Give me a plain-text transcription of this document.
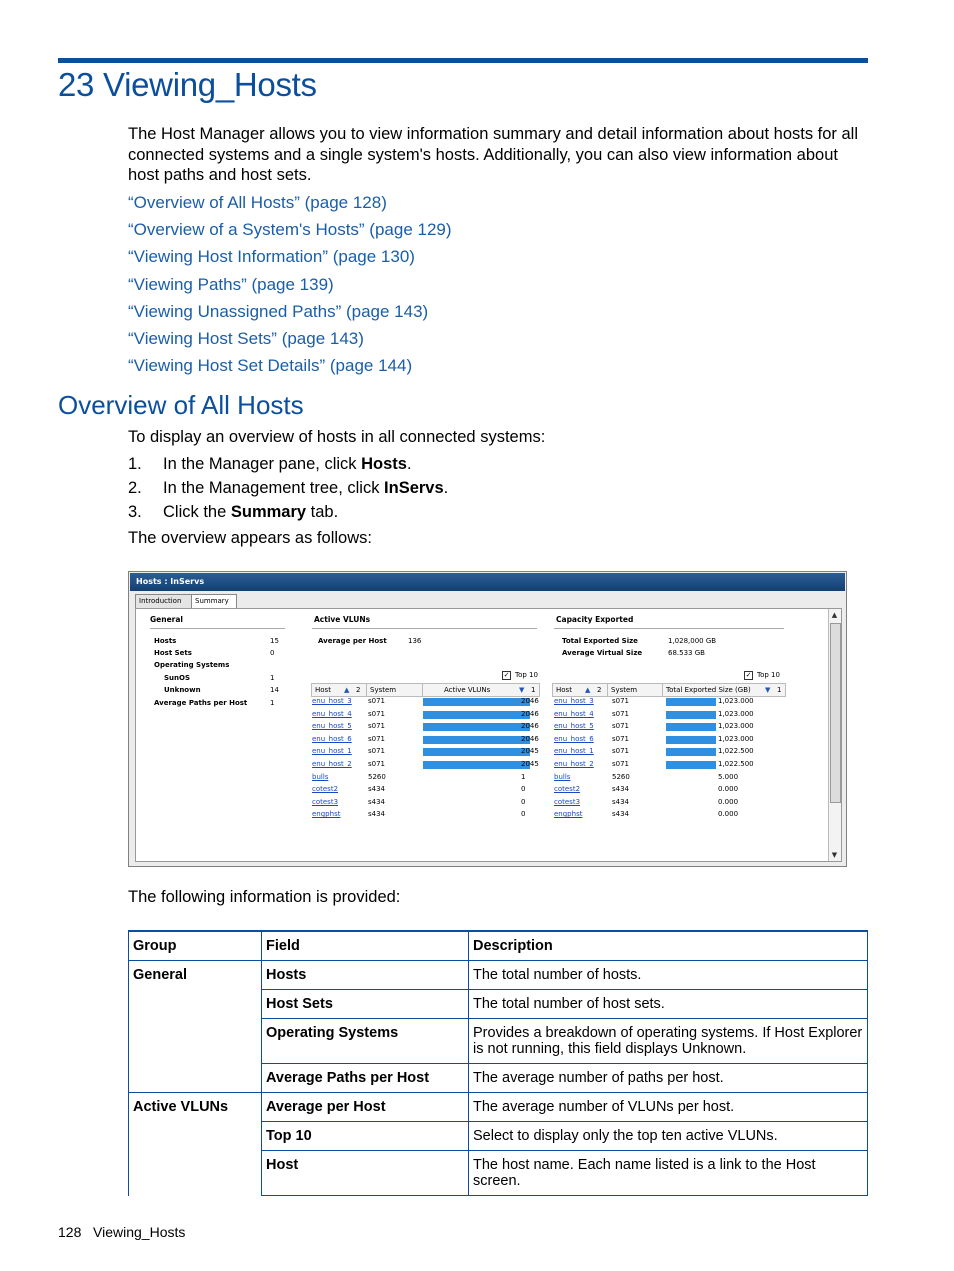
23 Viewing_Hosts
The Host Manager allows you to view information summary and detail information about hosts for all connected systems and a single system's hosts. Additionally, you can also view information about host paths and host sets.
“Overview of All Hosts” (page 128)
“Overview of a System's Hosts” (page 129)
“Viewing Host Information” (page 130)
“Viewing Paths” (page 139)
“Viewing Unassigned Paths” (page 143)
“Viewing Host Sets” (page 143)
“Viewing Host Set Details” (page 144)
Overview of All Hosts
To display an overview of hosts in all connected systems:
1.	In the Manager pane, click Hosts.
2.	In the Management tree, click InServs.
3.	Click the Summary tab.
The overview appears as follows:
Hosts : InServs
Introduction	Summary
General
Hosts	15
Host Sets	0
Operating Systems
SunOS	1
Unknown	14
Average Paths per Host	1
Active VLUNs
Average per Host	136
✓ Top 10
Host ▲ 2	System	Active VLUNs	▼ 1
enu_host_3 s071	2046
enu_host_4 s071	2046
enu_host_5 s071	2046
enu_host_6 s071	2046
enu_host_1 s071	2045
enu_host_2 s071	2045
bulls	5260	1
cotest2	s434	0
cotest3	s434	0
engphst	s434	0
Capacity Exported
Total Exported Size	1,028,000 GB
Average Virtual Size	68.533 GB
✓ Top 10
Host ▲ 2	System	Total Exported Size (GB) ▼ 1
enu_host_3	s071	1,023.000
enu_host_4	s071	1,023.000
enu_host_5	s071	1,023.000
enu_host_6	s071	1,023.000
enu_host_1	s071	1,022.500
enu_host_2	s071	1,022.500
bulls	5260	5.000
cotest2	s434	0.000
cotest3	s434	0.000
engphst	s434	0.000
▲
▼
The following information is provided:
Group	Field	Description
General	Hosts	The total number of hosts.
	Host Sets	The total number of host sets.
	Operating Systems	Provides a breakdown of operating systems. If Host Explorer is not running, this field displays Unknown.
	Average Paths per Host	The average number of paths per host.
Active VLUNs	Average per Host	The average number of VLUNs per host.
	Top 10	Select to display only the top ten active VLUNs.
	Host	The host name. Each name listed is a link to the Host screen.
128   Viewing_Hosts
